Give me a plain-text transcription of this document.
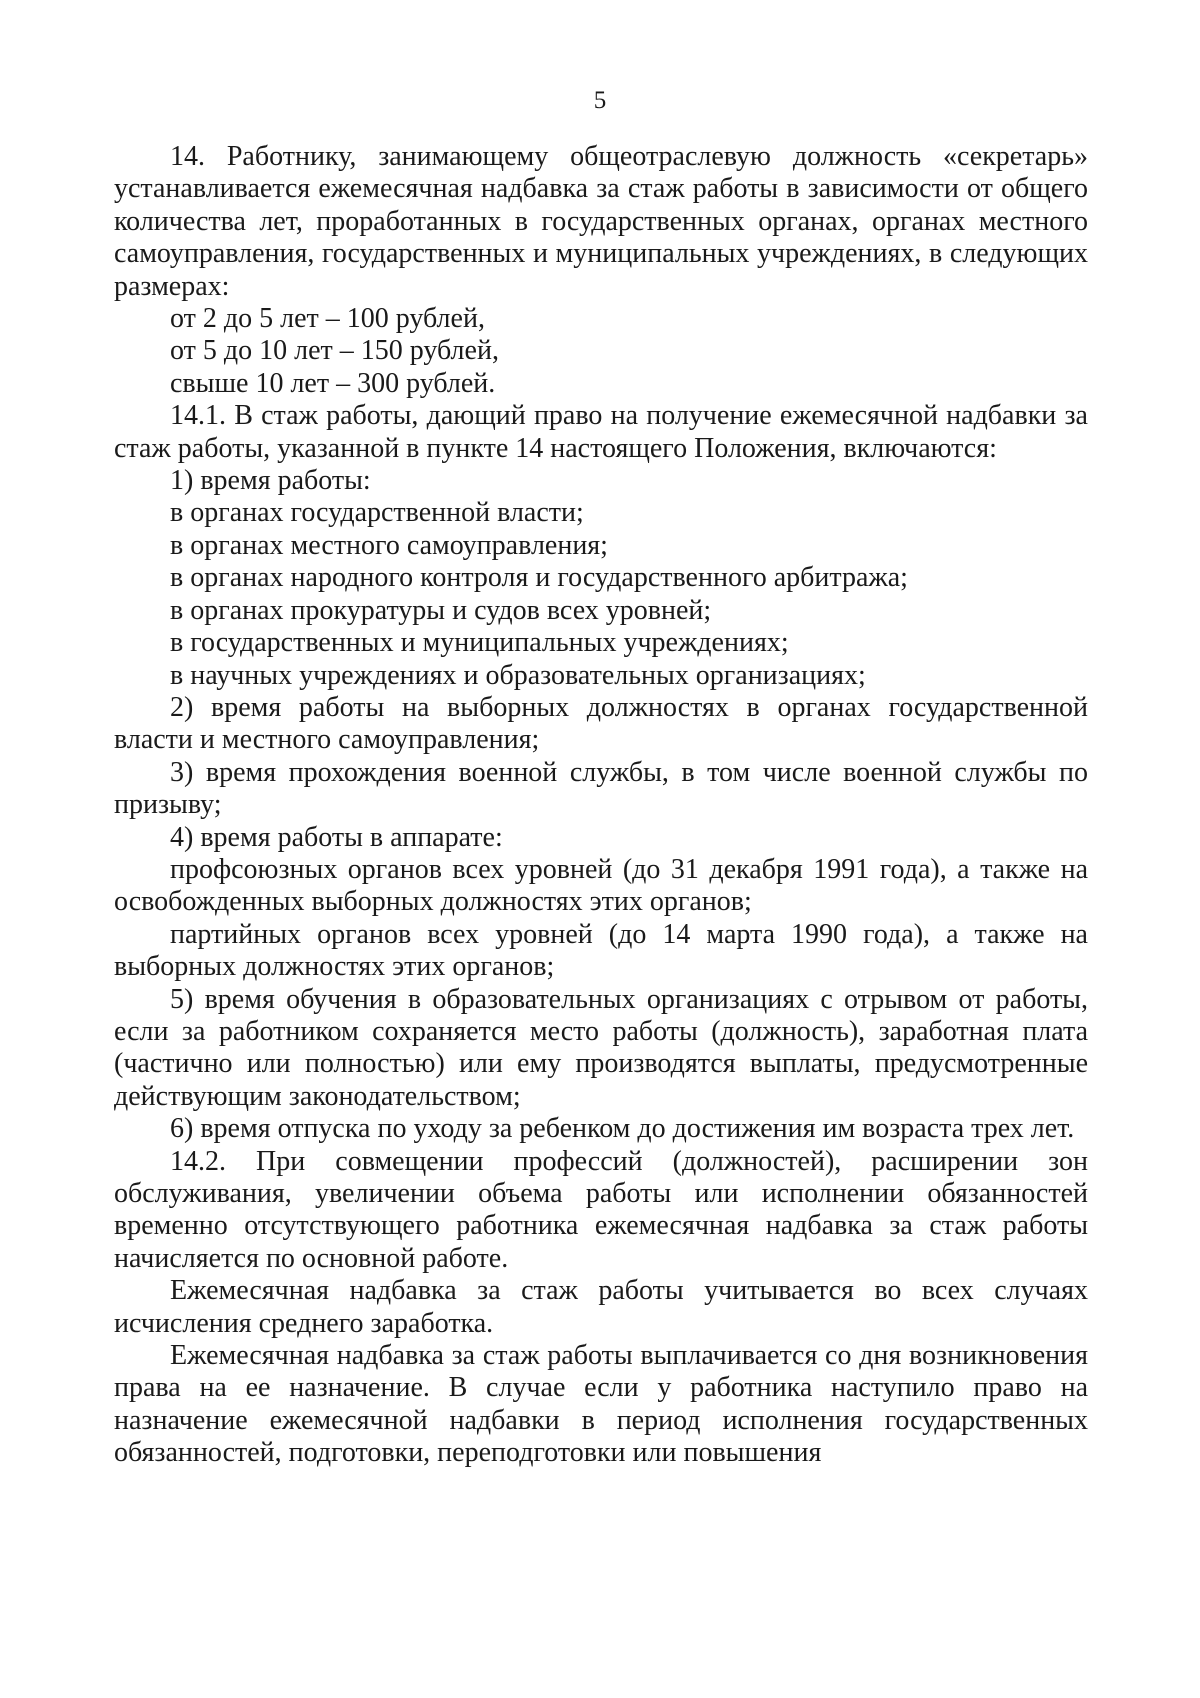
5

14. Работнику, занимающему общеотраслевую должность «секретарь» устанавливается ежемесячная надбавка за стаж работы в зависимости от общего количества лет, проработанных в государственных органах, органах местного самоуправления, государственных и муниципальных учреждениях, в следующих размерах:

от 2 до 5 лет – 100 рублей,

от 5 до 10 лет – 150 рублей,

свыше 10 лет – 300 рублей.

14.1. В стаж работы, дающий право на получение ежемесячной надбавки за стаж работы, указанной в пункте 14 настоящего Положения, включаются:

1) время работы:

в органах государственной власти;

в органах местного самоуправления;

в органах народного контроля и государственного арбитража;

в органах прокуратуры и судов всех уровней;

в государственных и муниципальных учреждениях;

в научных учреждениях и образовательных организациях;

2) время работы на выборных должностях в органах государственной власти и местного самоуправления;

3) время прохождения военной службы, в том числе военной службы по призыву;

4) время работы в аппарате:

профсоюзных органов всех уровней (до 31 декабря 1991 года), а также на освобожденных выборных должностях этих органов;

партийных органов всех уровней (до 14 марта 1990 года), а также на выборных должностях этих органов;

5) время обучения в образовательных организациях с отрывом от работы, если за работником сохраняется место работы (должность), заработная плата (частично или полностью) или ему производятся выплаты, предусмотренные действующим законодательством;

6) время отпуска по уходу за ребенком до достижения им возраста трех лет.

14.2. При совмещении профессий (должностей), расширении зон обслуживания, увеличении объема работы или исполнении обязанностей временно отсутствующего работника ежемесячная надбавка за стаж работы начисляется по основной работе.

Ежемесячная надбавка за стаж работы учитывается во всех случаях исчисления среднего заработка.

Ежемесячная надбавка за стаж работы выплачивается со дня возникновения права на ее назначение. В случае если у работника наступило право на назначение ежемесячной надбавки в период исполнения государственных обязанностей, подготовки, переподготовки или повышения
